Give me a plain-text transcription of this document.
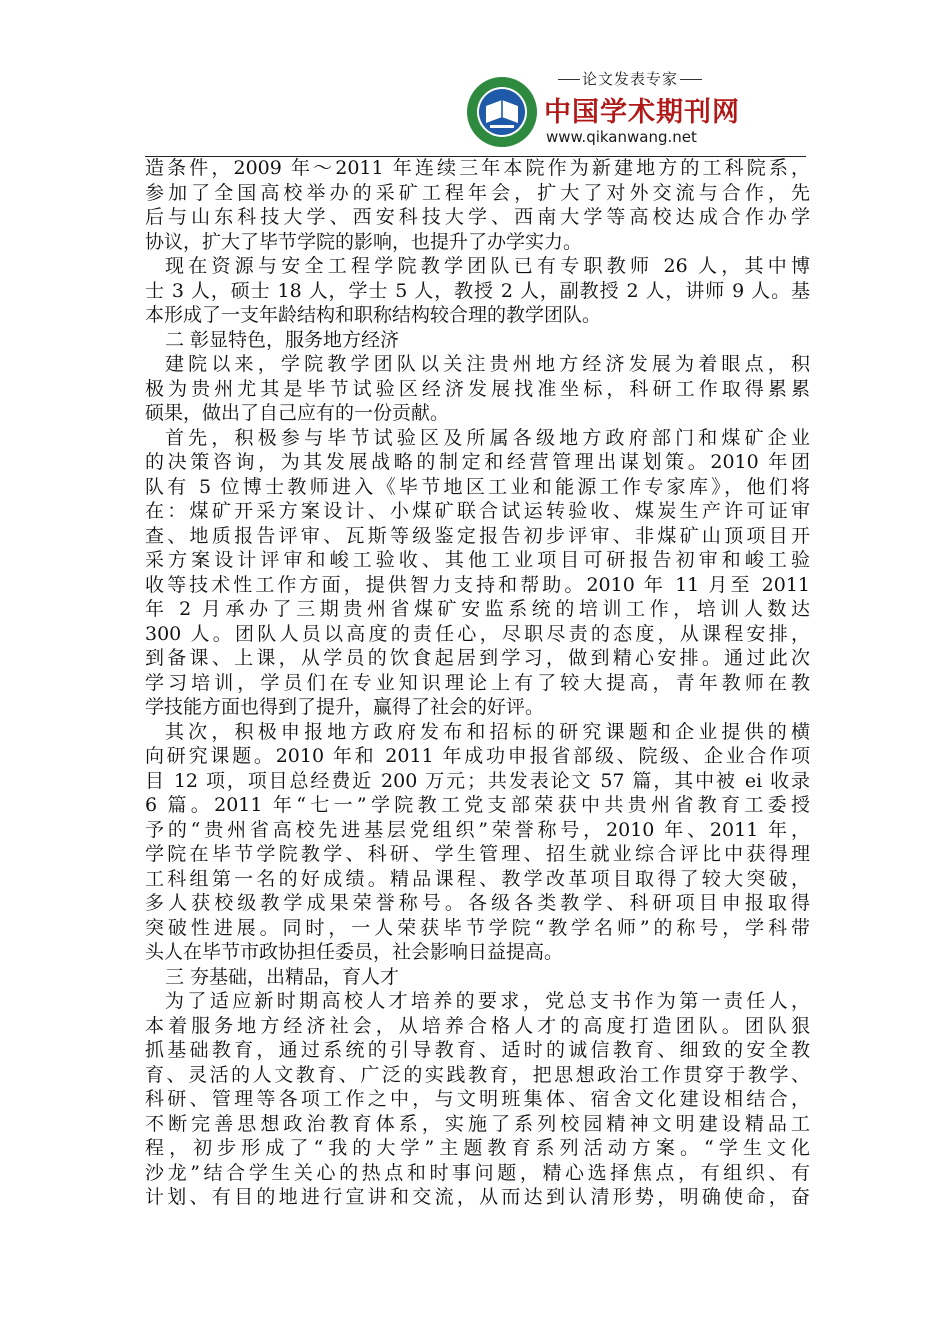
论文发表专家
中国学术期刊网
www.qikanwang.net
造条件，2009 年～2011 年连续三年本院作为新建地方的工科院系，
参加了全国高校举办的采矿工程年会，扩大了对外交流与合作，先
后与山东科技大学、西安科技大学、西南大学等高校达成合作办学
协议，扩大了毕节学院的影响，也提升了办学实力。
现在资源与安全工程学院教学团队已有专职教师 26 人，其中博
士 3 人，硕士 18 人，学士 5 人，教授 2 人，副教授 2 人，讲师 9 人。基
本形成了一支年龄结构和职称结构较合理的教学团队。
二 彰显特色，服务地方经济
建院以来，学院教学团队以关注贵州地方经济发展为着眼点，积
极为贵州尤其是毕节试验区经济发展找准坐标，科研工作取得累累
硕果，做出了自己应有的一份贡献。
首先，积极参与毕节试验区及所属各级地方政府部门和煤矿企业
的决策咨询，为其发展战略的制定和经营管理出谋划策。2010 年团
队有 5 位博士教师进入《毕节地区工业和能源工作专家库》，他们将
在：煤矿开采方案设计、小煤矿联合试运转验收、煤炭生产许可证审
查、地质报告评审、瓦斯等级鉴定报告初步评审、非煤矿山顶项目开
采方案设计评审和峻工验收、其他工业项目可研报告初审和峻工验
收等技术性工作方面，提供智力支持和帮助。2010 年 11 月至 2011
年 2 月承办了三期贵州省煤矿安监系统的培训工作，培训人数达
300 人。团队人员以高度的责任心，尽职尽责的态度，从课程安排，
到备课、上课，从学员的饮食起居到学习，做到精心安排。通过此次
学习培训，学员们在专业知识理论上有了较大提高，青年教师在教
学技能方面也得到了提升，赢得了社会的好评。
其次，积极申报地方政府发布和招标的研究课题和企业提供的横
向研究课题。2010 年和 2011 年成功申报省部级、院级、企业合作项
目 12 项，项目总经费近 200 万元；共发表论文 57 篇，其中被 ei 收录
6 篇。2011 年“七一”学院教工党支部荣获中共贵州省教育工委授
予的“贵州省高校先进基层党组织”荣誉称号，2010 年、2011 年，
学院在毕节学院教学、科研、学生管理、招生就业综合评比中获得理
工科组第一名的好成绩。精品课程、教学改革项目取得了较大突破，
多人获校级教学成果荣誉称号。各级各类教学、科研项目申报取得
突破性进展。同时，一人荣获毕节学院“教学名师”的称号，学科带
头人在毕节市政协担任委员，社会影响日益提高。
三 夯基础，出精品，育人才
为了适应新时期高校人才培养的要求，党总支书作为第一责任人，
本着服务地方经济社会，从培养合格人才的高度打造团队。团队狠
抓基础教育，通过系统的引导教育、适时的诚信教育、细致的安全教
育、灵活的人文教育、广泛的实践教育，把思想政治工作贯穿于教学、
科研、管理等各项工作之中，与文明班集体、宿舍文化建设相结合，
不断完善思想政治教育体系，实施了系列校园精神文明建设精品工
程，初步形成了“我的大学”主题教育系列活动方案。“学生文化
沙龙”结合学生关心的热点和时事问题，精心选择焦点，有组织、有
计划、有目的地进行宣讲和交流，从而达到认清形势，明确使命，奋
